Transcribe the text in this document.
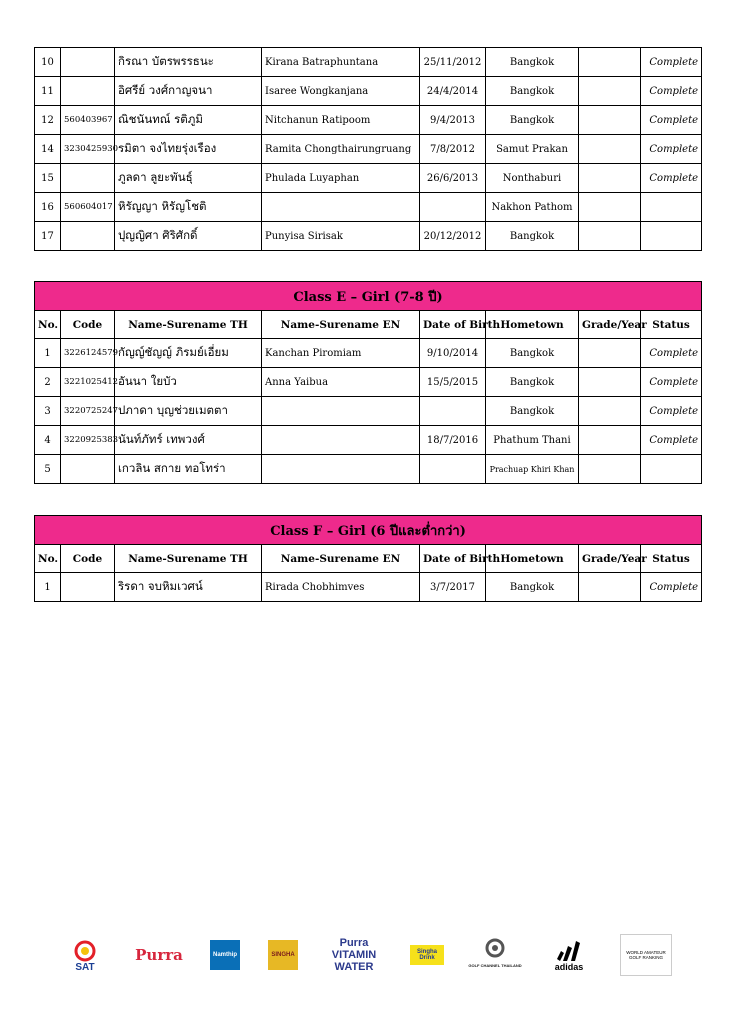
10		กิรณา บัตรพรรธนะ	Kirana Batraphuntana	25/11/2012	Bangkok		Complete
11		อิศรีย์ วงศ์กาญจนา	Isaree Wongkanjana	24/4/2014	Bangkok		Complete
12	560403967	ณิชนันทณ์ รติภูมิ	Nitchanun Ratipoom	9/4/2013	Bangkok		Complete
14	3230425930	รมิตา จงไทยรุ่งเรือง	Ramita Chongthairungruang	7/8/2012	Samut Prakan		Complete
15		ภูลดา ลูยะพันธุ์	Phulada Luyaphan	26/6/2013	Nonthaburi		Complete
16	560604017	หิรัญญา หิรัญโชติ			Nakhon Pathom		
17		ปุญญิศา ศิริศักดิ์	Punyisa Sirisak	20/12/2012	Bangkok		
Class E – Girl (7-8 ปี)							
No.	Code	Name-Surename TH	Name-Surename EN	Date of Birth	Hometown	Grade/Year	Status
1	3226124579	กัญญ์ชัญญ์ ภิรมย์เอี่ยม	Kanchan Piromiam	9/10/2014	Bangkok		Complete
2	3221025412	อันนา ใยบัว	Anna Yaibua	15/5/2015	Bangkok		Complete
3	3220725247	ปภาดา บุญช่วยเมตตา			Bangkok		Complete
4	3220925383	นันท์ภัทร์ เทพวงศ์		18/7/2016	Phathum Thani		Complete
5		เกวลิน สกาย ทอโทร่า			Prachuap Khiri Khan		
Class F – Girl (6 ปีและต่ำกว่า)							
No.	Code	Name-Surename TH	Name-Surename EN	Date of Birth	Hometown	Grade/Year	Status
1		ริรดา จบหิมเวศน์	Rirada Chobhimves	3/7/2017	Bangkok		Complete
SAT
Purra	Namthip	SINGHA
Purra VITAMIN WATER
Singha Drink
GOLF CHANNEL THAILAND	adidas
WORLD AMATEUR GOLF RANKING
